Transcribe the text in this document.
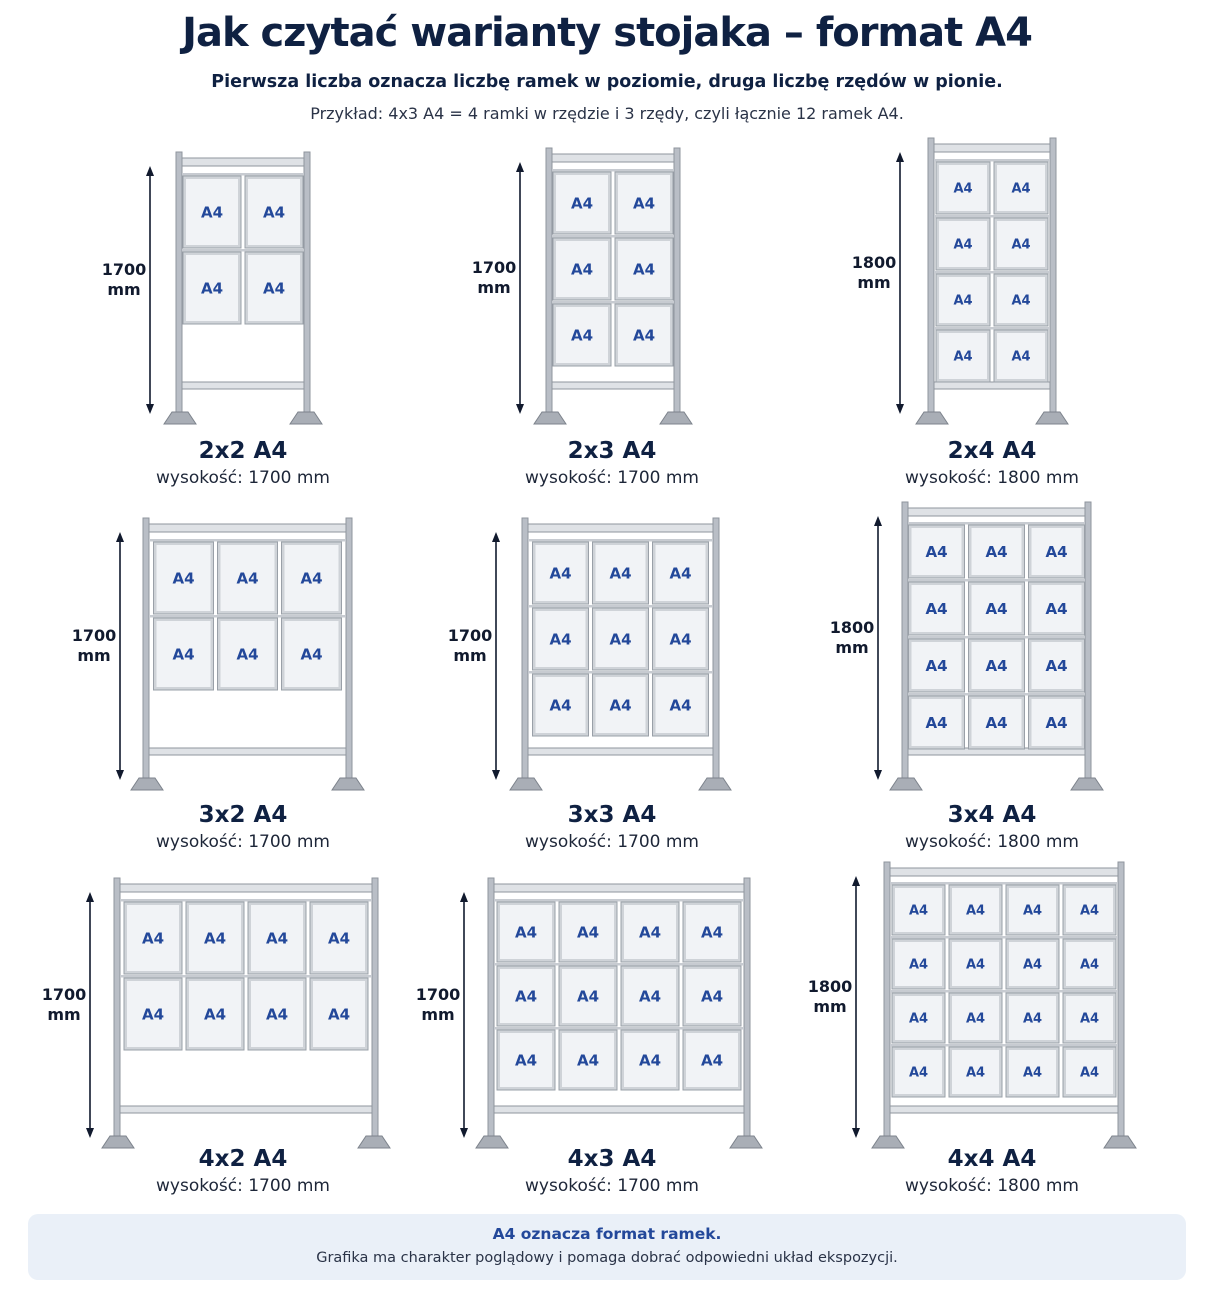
Jak czytać warianty stojaka – format A4

Pierwsza liczba oznacza liczbę ramek w poziomie, druga liczbę rzędów w pionie.

Przykład: 4x3 A4 = 4 ramki w rzędzie i 3 rzędy, czyli łącznie 12 ramek A4.

A4	A4
A4	A4
1700
mm
2x2 A4
wysokość: 1700 mm
A4	A4
A4	A4
A4	A4
1700
mm
2x3 A4
wysokość: 1700 mm
A4	A4
A4	A4
A4	A4
A4	A4
1800
mm
2x4 A4
wysokość: 1800 mm
A4	A4	A4
A4	A4	A4
1700
mm
3x2 A4
wysokość: 1700 mm
A4	A4	A4
A4	A4	A4
A4	A4	A4
1700
mm
3x3 A4
wysokość: 1700 mm
A4	A4	A4
A4	A4	A4
A4	A4	A4
A4	A4	A4
1800
mm
3x4 A4
wysokość: 1800 mm
A4	A4	A4	A4
A4	A4	A4	A4
1700
mm
4x2 A4
wysokość: 1700 mm
A4	A4	A4	A4
A4	A4	A4	A4
A4	A4	A4	A4
1700
mm
4x3 A4
wysokość: 1700 mm
A4	A4	A4	A4
A4	A4	A4	A4
A4	A4	A4	A4
A4	A4	A4	A4
1800
mm
4x4 A4
wysokość: 1800 mm
A4 oznacza format ramek.
Grafika ma charakter poglądowy i pomaga dobrać odpowiedni układ ekspozycji.
